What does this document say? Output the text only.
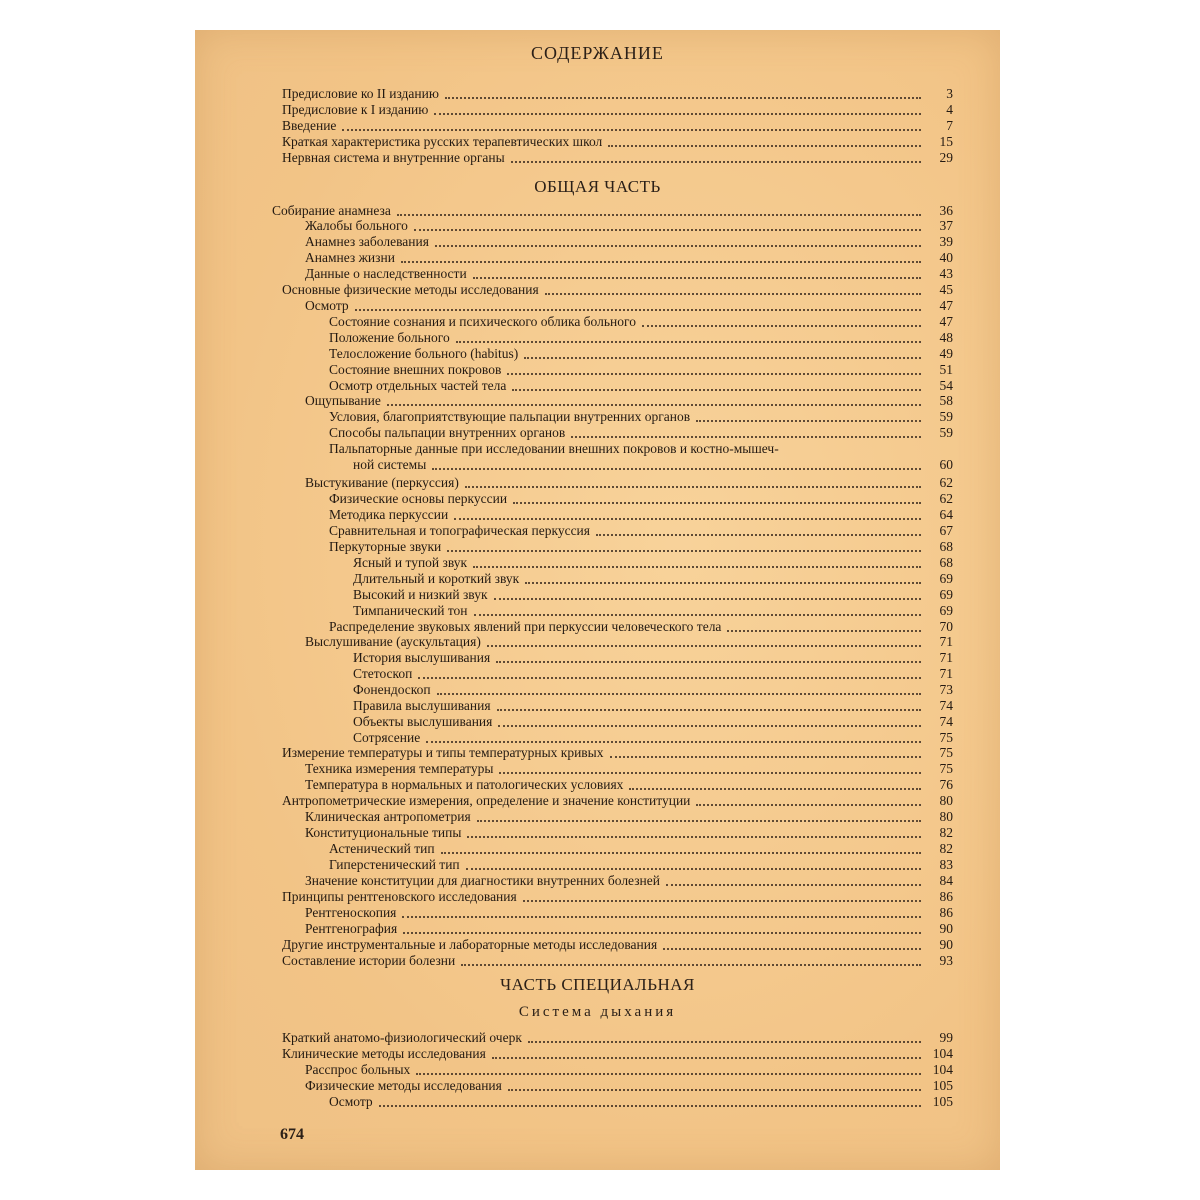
СОДЕРЖАНИЕ
ОБЩАЯ ЧАСТЬ
ЧАСТЬ СПЕЦИАЛЬНАЯ
Система дыхания
Предисловие ко II изданию	3
Предисловие к I изданию	4
Введение	7
Краткая характеристика русских терапевтических школ	15
Нервная система и внутренние органы	29
Собирание анамнеза	36
Жалобы больного	37
Анамнез заболевания	39
Анамнез жизни	40
Данные о наследственности	43
Основные физические методы исследования	45
Осмотр	47
Состояние сознания и психического облика больного	47
Положение больного	48
Телосложение больного (habitus)	49
Состояние внешних покровов	51
Осмотр отдельных частей тела	54
Ощупывание	58
Условия, благоприятствующие пальпации внутренних органов	59
Способы пальпации внутренних органов	59
Пальпаторные данные при исследовании внешних покровов и костно-мышеч-
ной системы	60
Выстукивание (перкуссия)	62
Физические основы перкуссии	62
Методика перкуссии	64
Сравнительная и топографическая перкуссия	67
Перкуторные звуки	68
Ясный и тупой звук	68
Длительный и короткий звук	69
Высокий и низкий звук	69
Тимпанический тон	69
Распределение звуковых явлений при перкуссии человеческого тела	70
Выслушивание (аускультация)	71
История выслушивания	71
Стетоскоп	71
Фонендоскоп	73
Правила выслушивания	74
Объекты выслушивания	74
Сотрясение	75
Измерение температуры и типы температурных кривых	75
Техника измерения температуры	75
Температура в нормальных и патологических условиях	76
Антропометрические измерения, определение и значение конституции	80
Клиническая антропометрия	80
Конституциональные типы	82
Астенический тип	82
Гиперстенический тип	83
Значение конституции для диагностики внутренних болезней	84
Принципы рентгеновского исследования	86
Рентгеноскопия	86
Рентгенография	90
Другие инструментальные и лабораторные методы исследования	90
Составление истории болезни	93
Краткий анатомо-физиологический очерк	99
Клинические методы исследования	104
Расспрос больных	104
Физические методы исследования	105
Осмотр	105
674
